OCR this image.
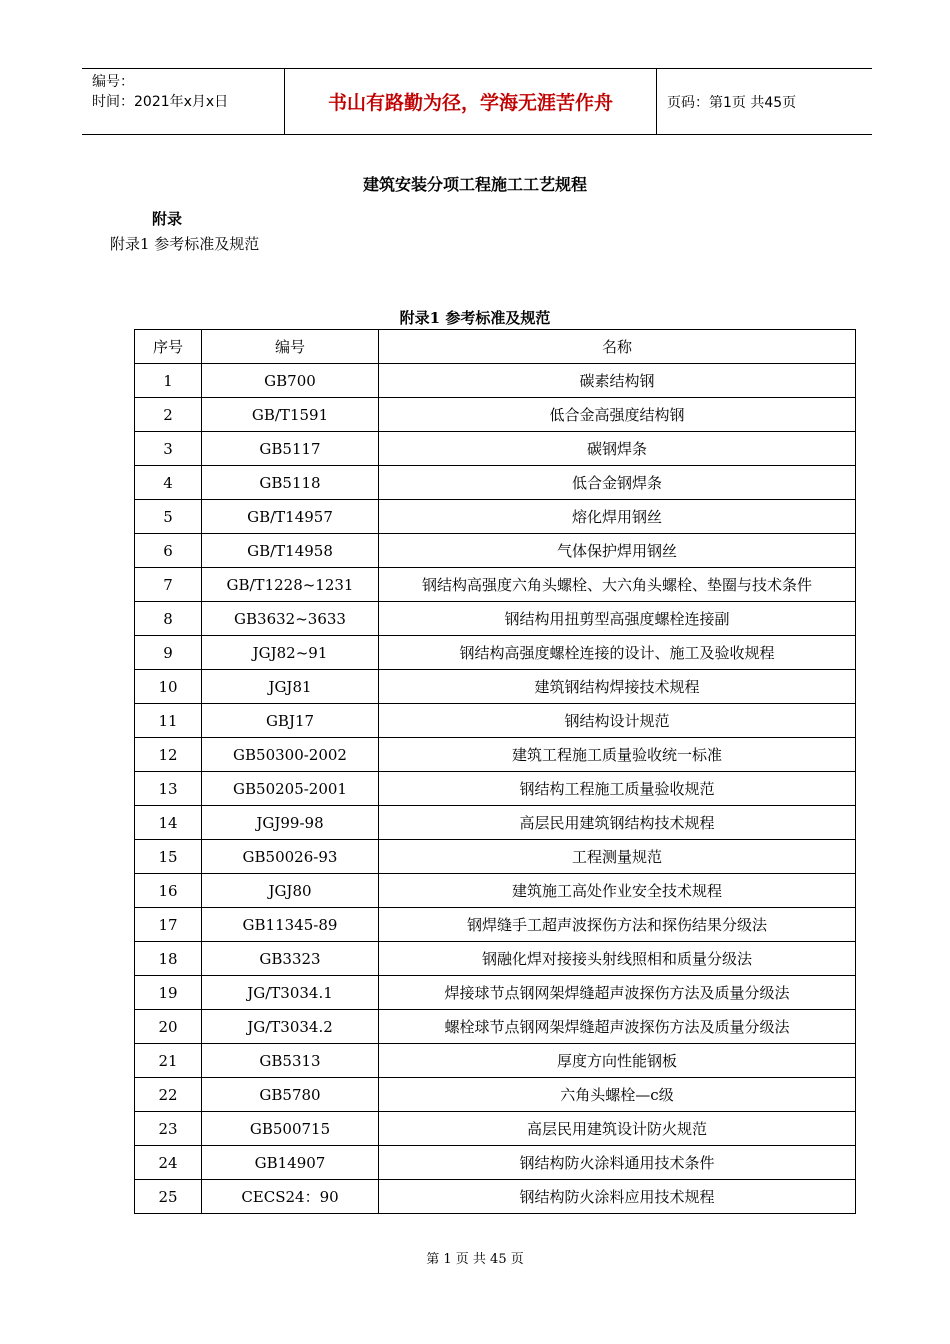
编号：
时间：2021年x月x日	书山有路勤为径，学海无涯苦作舟	页码：第1页 共45页
建筑安装分项工程施工工艺规程
附录
附录1 参考标准及规范
附录1 参考标准及规范
序号	编号	名称
1	GB700	碳素结构钢
2	GB/T1591	低合金高强度结构钢
3	GB5117	碳钢焊条
4	GB5118	低合金钢焊条
5	GB/T14957	熔化焊用钢丝
6	GB/T14958	气体保护焊用钢丝
7	GB/T1228~1231	钢结构高强度六角头螺栓、大六角头螺栓、垫圈与技术条件
8	GB3632~3633	钢结构用扭剪型高强度螺栓连接副
9	JGJ82~91	钢结构高强度螺栓连接的设计、施工及验收规程
10	JGJ81	建筑钢结构焊接技术规程
11	GBJ17	钢结构设计规范
12	GB50300-2002	建筑工程施工质量验收统一标准
13	GB50205-2001	钢结构工程施工质量验收规范
14	JGJ99-98	高层民用建筑钢结构技术规程
15	GB50026-93	工程测量规范
16	JGJ80	建筑施工高处作业安全技术规程
17	GB11345-89	钢焊缝手工超声波探伤方法和探伤结果分级法
18	GB3323	钢融化焊对接接头射线照相和质量分级法
19	JG/T3034.1	焊接球节点钢网架焊缝超声波探伤方法及质量分级法
20	JG/T3034.2	螺栓球节点钢网架焊缝超声波探伤方法及质量分级法
21	GB5313	厚度方向性能钢板
22	GB5780	六角头螺栓—c级
23	GB500715	高层民用建筑设计防火规范
24	GB14907	钢结构防火涂料通用技术条件
25	CECS24：90	钢结构防火涂料应用技术规程
第 1 页 共 45 页
